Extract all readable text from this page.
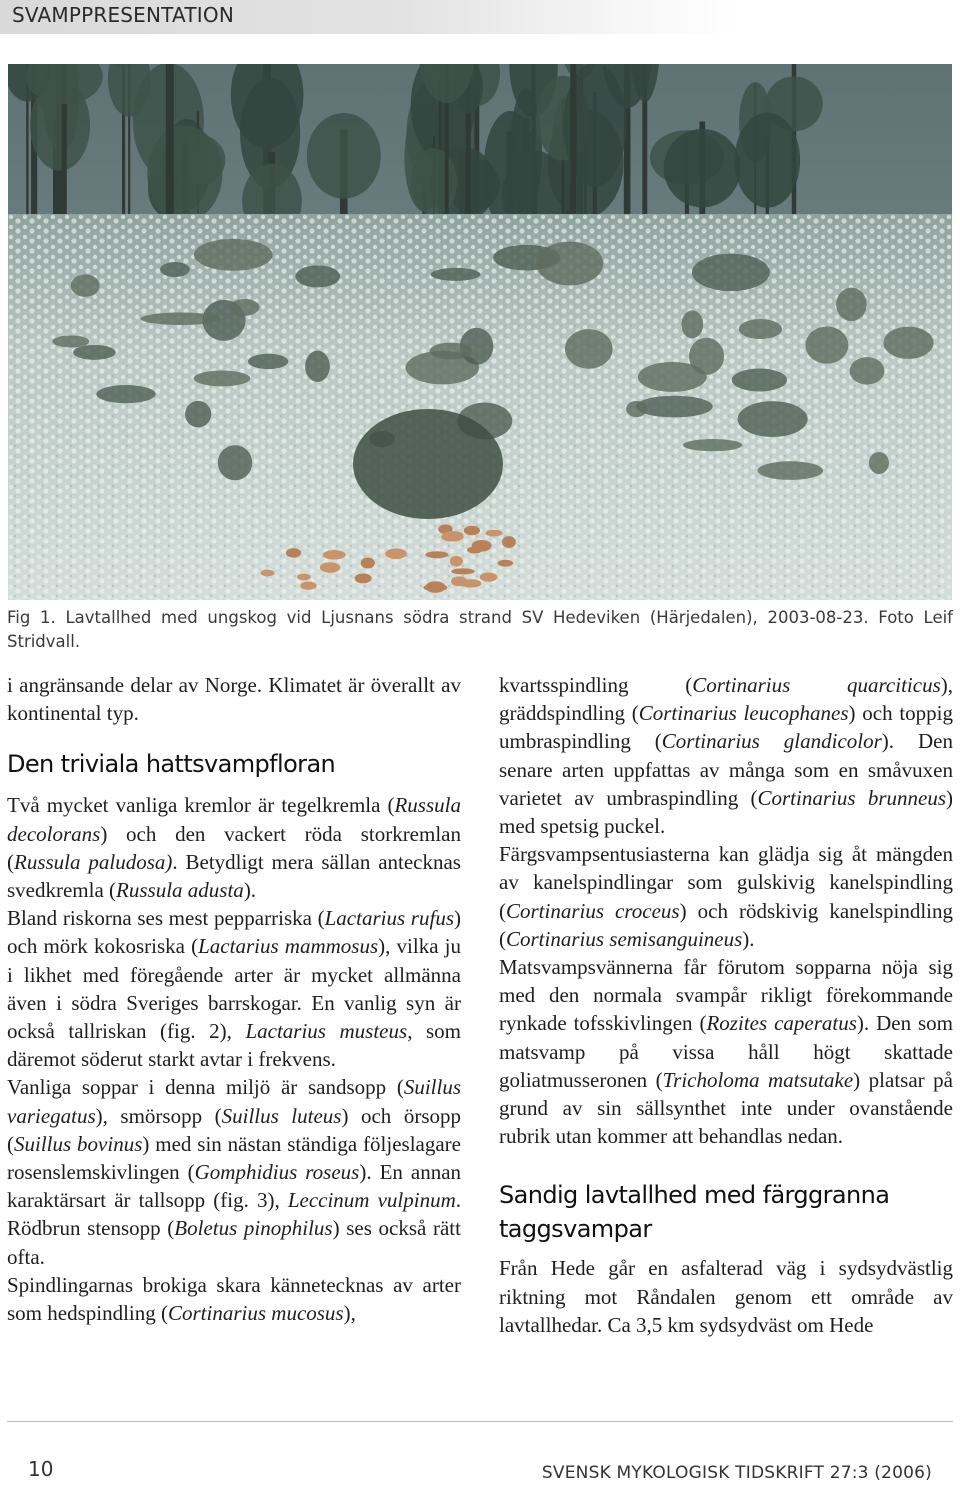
SVAMPPRESENTATION
Fig 1. Lavtallhed med ungskog vid Ljusnans södra strand SV Hedeviken (Härjedalen), 2003-08-23. Foto Leif Stridvall.

i angränsande delar av Norge. Klimatet är överallt av kontinental typ.

Den triviala hattsvampfloran

Två mycket vanliga kremlor är tegelkremla (Russula decolorans) och den vackert röda storkremlan (Russula paludosa). Betydligt mera sällan antecknas svedkremla (Russula adusta).

Bland riskorna ses mest pepparriska (Lactarius rufus) och mörk kokosriska (Lactarius mammosus), vilka ju i likhet med föregående arter är mycket allmänna även i södra Sveriges barrskogar. En vanlig syn är också tallriskan (fig. 2), Lactarius musteus, som däremot söderut starkt avtar i frekvens.

Vanliga soppar i denna miljö är sandsopp (Suillus variegatus), smörsopp (Suillus luteus) och örsopp (Suillus bovinus) med sin nästan ständiga följeslagare rosenslemskivlingen (Gomphidius roseus). En annan karaktärsart är tallsopp (fig. 3), Leccinum vulpinum. Rödbrun stensopp (Boletus pinophilus) ses också rätt ofta.

Spindlingarnas brokiga skara kännetecknas av arter som hedspindling (Cortinarius mucosus),

kvartsspindling (Cortinarius quarciticus), gräddspindling (Cortinarius leucophanes) och toppig umbraspindling (Cortinarius glandicolor). Den senare arten uppfattas av många som en småvuxen varietet av umbraspindling (Cortinarius brunneus) med spetsig puckel.

Färgsvampsentusiasterna kan glädja sig åt mängden av kanelspindlingar som gulskivig kanelspindling (Cortinarius croceus) och rödskivig kanelspindling (Cortinarius semisanguineus).

Matsvampsvännerna får förutom sopparna nöja sig med den normala svampår rikligt förekommande rynkade tofsskivlingen (Rozites caperatus). Den som matsvamp på vissa håll högt skattade goliatmusseronen (Tricholoma matsutake) platsar på grund av sin sällsynthet inte under ovanstående rubrik utan kommer att behandlas nedan.

Sandig lavtallhed med färggranna taggsvampar

Från Hede går en asfalterad väg i sydsydvästlig riktning mot Råndalen genom ett område av lavtallhedar. Ca 3,5 km sydsydväst om Hede

10	SVENSK MYKOLOGISK TIDSKRIFT 27:3 (2006)
